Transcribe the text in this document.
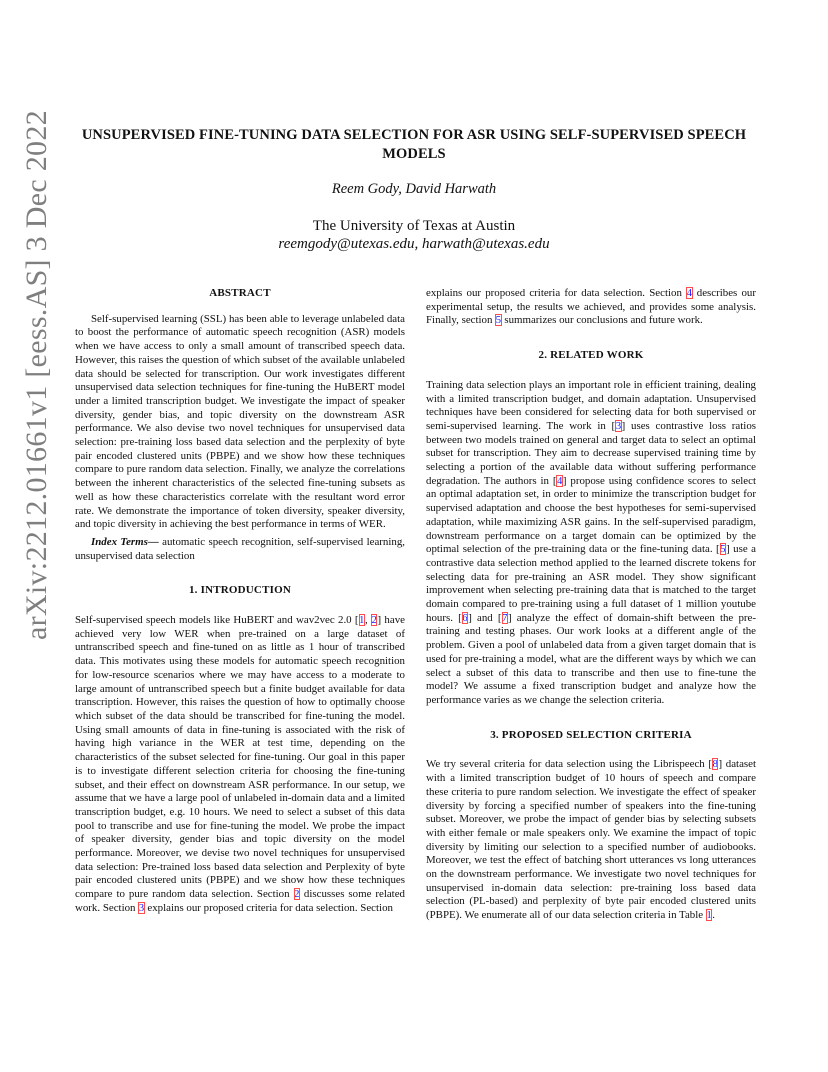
UNSUPERVISED FINE-TUNING DATA SELECTION FOR ASR USING SELF-SUPERVISED SPEECH MODELS
Reem Gody, David Harwath
The University of Texas at Austin
reemgody@utexas.edu, harwath@utexas.edu
arXiv:2212.01661v1 [eess.AS] 3 Dec 2022	ABSTRACT

Self-supervised learning (SSL) has been able to leverage unlabeled data to boost the performance of automatic speech recognition (ASR) models when we have access to only a small amount of transcribed speech data. However, this raises the question of which subset of the available unlabeled data should be selected for transcription. Our work investigates different unsupervised data selection techniques for fine-tuning the HuBERT model under a limited transcription budget. We investigate the impact of speaker diversity, gender bias, and topic diversity on the downstream ASR performance. We also devise two novel techniques for unsupervised data selection: pre-training loss based data selection and the perplexity of byte pair encoded clustered units (PBPE) and we show how these techniques compare to pure random data selection. Finally, we analyze the correlations between the inherent characteristics of the selected fine-tuning subsets as well as how these characteristics correlate with the resultant word error rate. We demonstrate the importance of token diversity, speaker diversity, and topic diversity in achieving the best performance in terms of WER.

Index Terms— automatic speech recognition, self-supervised learning, unsupervised data selection

1. INTRODUCTION

Self-supervised speech models like HuBERT and wav2vec 2.0 [1, 2] have achieved very low WER when pre-trained on a large dataset of untranscribed speech and fine-tuned on as little as 1 hour of transcribed data. This motivates using these models for automatic speech recognition for low-resource scenarios where we may have access to a moderate to large amount of untranscribed speech but a finite budget available for data transcription. However, this raises the question of how to optimally choose which subset of the data should be transcribed for fine-tuning the model. Using small amounts of data in fine-tuning is associated with the risk of having high variance in the WER at test time, depending on the characteristics of the subset selected for fine-tuning. Our goal in this paper is to investigate different selection criteria for choosing the fine-tuning subset, and their effect on downstream ASR performance. In our setup, we assume that we have a large pool of unlabeled in-domain data and a limited transcription budget, e.g. 10 hours. We need to select a subset of this data pool to transcribe and use for fine-tuning the model. We probe the impact of speaker diversity, gender bias and topic diversity on the model performance. Moreover, we devise two novel techniques for unsupervised data selection: Pre-trained loss based data selection and Perplexity of byte pair encoded clustered units (PBPE) and we show how these techniques compare to pure random data selection. Section 2 discusses some related work. Section 3 explains our proposed criteria for data selection. Section

explains our proposed criteria for data selection. Section 4 describes our experimental setup, the results we achieved, and provides some analysis. Finally, section 5 summarizes our conclusions and future work.

2. RELATED WORK

Training data selection plays an important role in efficient training, dealing with a limited transcription budget, and domain adaptation. Unsupervised techniques have been considered for selecting data for both supervised or semi-supervised learning. The work in [3] uses contrastive loss ratios between two models trained on general and target data to select an optimal subset for transcription. They aim to decrease supervised training time by selecting a portion of the available data without suffering performance degradation. The authors in [4] propose using confidence scores to select an optimal adaptation set, in order to minimize the transcription budget for supervised adaptation and choose the best hypotheses for semi-supervised adaptation, while maximizing ASR gains. In the self-supervised paradigm, downstream performance on a target domain can be optimized by the optimal selection of the pre-training data or the fine-tuning data. [5] use a contrastive data selection method applied to the learned discrete tokens for selecting data for pre-training an ASR model. They show significant improvement when selecting pre-training data that is matched to the target domain compared to pre-training using a full dataset of 1 million youtube hours. [6] and [7] analyze the effect of domain-shift between the pre-training and testing phases. Our work looks at a different angle of the problem. Given a pool of unlabeled data from a given target domain that is used for pre-training a model, what are the different ways by which we can select a subset of this data to transcribe and then use to fine-tune the model? We assume a fixed transcription budget and analyze how the performance varies as we change the selection criteria.

3. PROPOSED SELECTION CRITERIA

We try several criteria for data selection using the Librispeech [8] dataset with a limited transcription budget of 10 hours of speech and compare these criteria to pure random selection. We investigate the effect of speaker diversity by forcing a specified number of speakers into the fine-tuning subset. Moreover, we probe the impact of gender bias by selecting subsets with either female or male speakers only. We examine the impact of topic diversity by limiting our selection to a specified number of audiobooks. Moreover, we test the effect of batching short utterances vs long utterances on the downstream performance. We investigate two novel techniques for unsupervised in-domain data selection: pre-training loss based data selection (PL-based) and perplexity of byte pair encoded clustered units (PBPE). We enumerate all of our data selection criteria in Table 1.
